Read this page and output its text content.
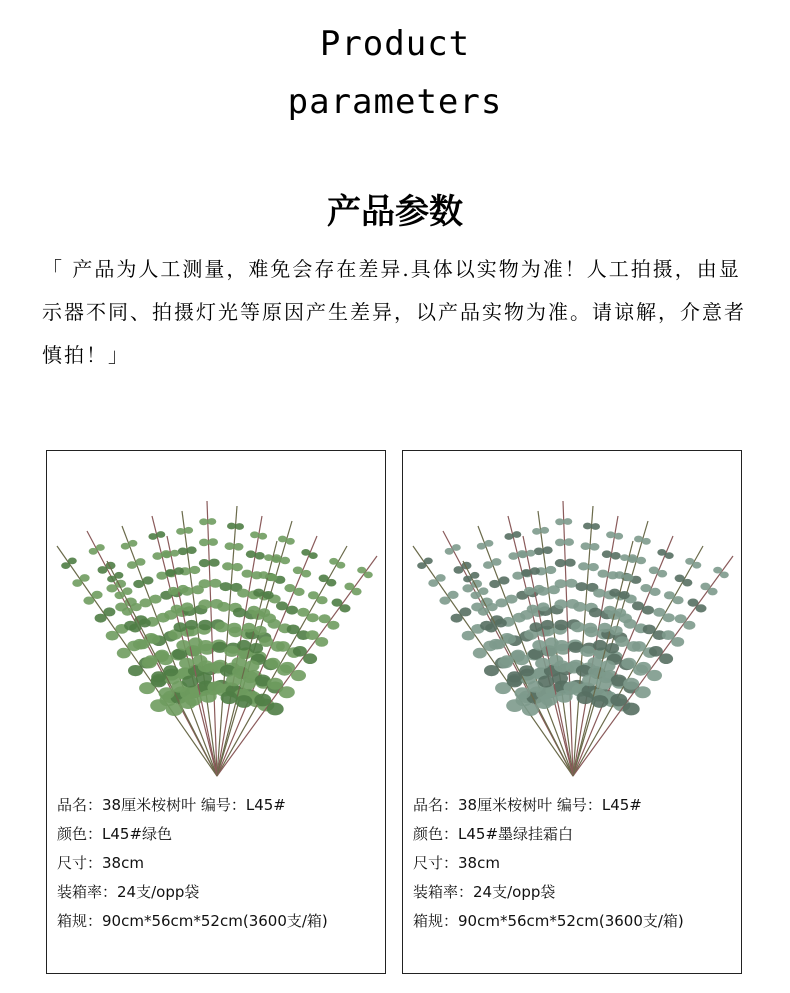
Product
parameters
产品参数
「 产品为人工测量，难免会存在差异.具体以实物为准！人工拍摄，由显示器不同、拍摄灯光等原因产生差异，以产品实物为准。请谅解，介意者慎拍！」
品名：38厘米桉树叶 编号：L45#
颜色：L45#绿色
尺寸：38cm
装箱率：24支/opp袋
箱规：90cm*56cm*52cm(3600支/箱)
品名：38厘米桉树叶 编号：L45#
颜色：L45#墨绿挂霜白
尺寸：38cm
装箱率：24支/opp袋
箱规：90cm*56cm*52cm(3600支/箱)
